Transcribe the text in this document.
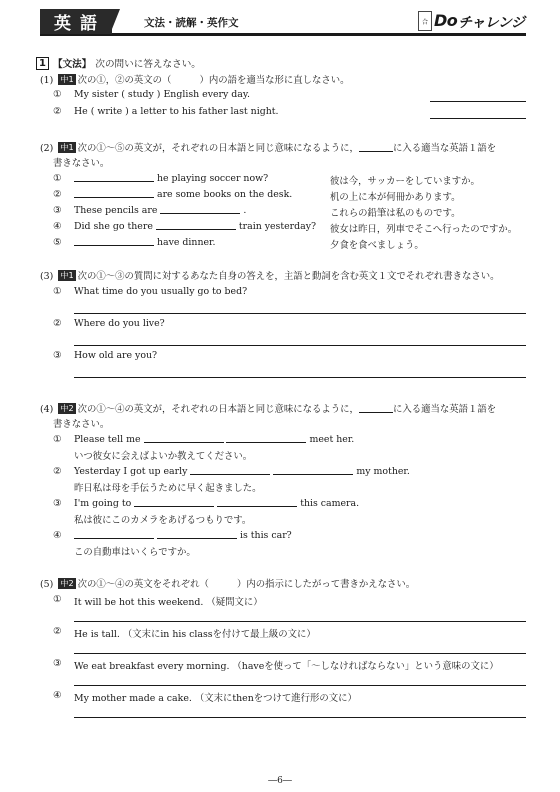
英語	文法・読解・英作文	合 Do チャレンジ
1 【文法】 次の問いに答えなさい。
(1) 中1 次の①，②の英文の（　　　）内の語を適当な形に直しなさい。
① My sister ( study ) English every day.
② He ( write ) a letter to his father last night.
(2) 中1 次の①～⑤の英文が，それぞれの日本語と同じ意味になるように，	に入る適当な英語１語を
書きなさい。
①	he playing soccer now?	彼は今，サッカーをしていますか。
②	are some books on the desk.	机の上に本が何冊かあります。
③ These pencils are	.	これらの鉛筆は私のものです。
④ Did she go there	train yesterday? 彼女は昨日，列車でそこへ行ったのですか。
⑤	have dinner.	夕食を食べましょう。
(3) 中1 次の①～③の質問に対するあなた自身の答えを，主語と動詞を含む英文１文でそれぞれ書きなさい。
① What time do you usually go to bed?
② Where do you live?
③ How old are you?
(4) 中2 次の①～④の英文が，それぞれの日本語と同じ意味になるように，	に入る適当な英語１語を
書きなさい。
① Please tell me	meet her.
いつ彼女に会えばよいか教えてください。
② Yesterday I got up early	my mother.
昨日私は母を手伝うために早く起きました。
③ I'm going to	this camera.
私は彼にこのカメラをあげるつもりです。
④	is this car?
この自動車はいくらですか。
(5) 中2 次の①～④の英文をそれぞれ（　　　）内の指示にしたがって書きかえなさい。
① It will be hot this weekend. （疑問文に）
② He is tall. （文末にin his classを付けて最上級の文に）
③ We eat breakfast every morning. （haveを使って「～しなければならない」という意味の文に）
④ My mother made a cake. （文末にthenをつけて進行形の文に）
―6―
